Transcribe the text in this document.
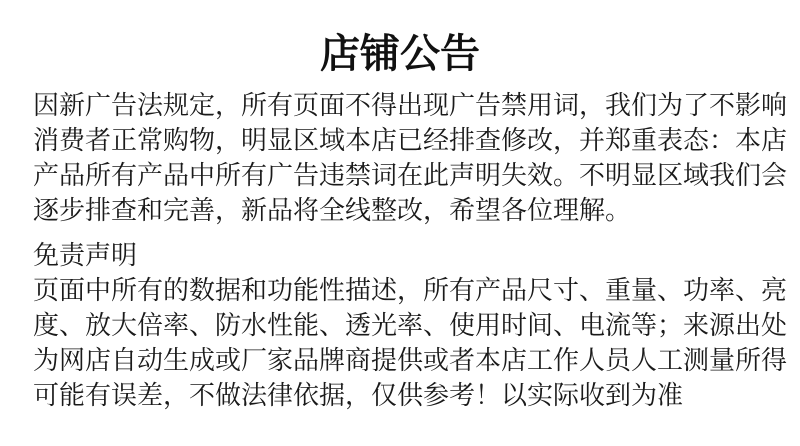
店铺公告
因新广告法规定，所有页面不得出现广告禁用词，我们为了不影响
消费者正常购物，明显区域本店已经排查修改，并郑重表态：本店
产品所有产品中所有广告违禁词在此声明失效。不明显区域我们会
逐步排查和完善，新品将全线整改，希望各位理解。
免责声明
页面中所有的数据和功能性描述，所有产品尺寸、重量、功率、亮
度、放大倍率、防水性能、透光率、使用时间、电流等；来源出处
为网店自动生成或厂家品牌商提供或者本店工作人员人工测量所得
可能有误差，不做法律依据，仅供参考！以实际收到为准
